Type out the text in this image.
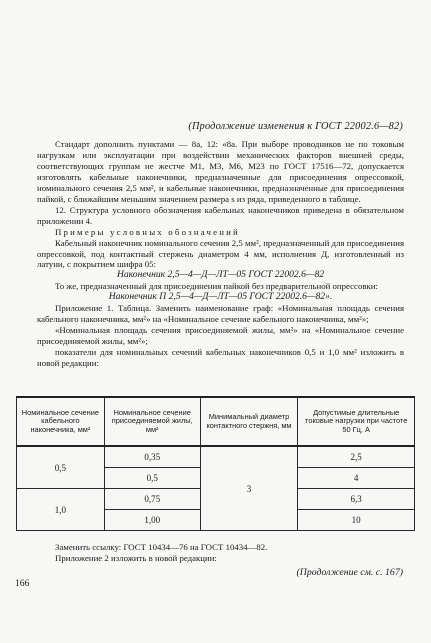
(Продолжение изменения к ГОСТ 22002.6—82)

Стандарт дополнить пунктами — 8а, 12: «8а. При выборе проводников не по токовым нагрузкам или эксплуатации при воздействии механических факторов внешней среды, соответствующих группам не жестче М1, М3, М6, М23 по ГОСТ 17516—72, допускается изготовлять кабельные наконечники, предназначенные для присоединения опрессовкой, номинального сечения 2,5 мм², и кабельные наконечники, предназначенные для присоединения пайкой, с ближайшим меньшим значением размера s из ряда, приведенного в таблице.

12. Структура условного обозначения кабельных наконечников приведена в обязательном приложении 4.

Примеры условных обозначений

Кабельный наконечник номинального сечения 2,5 мм², предназначенный для присоединения опрессовкой, под контактный стержень диаметром 4 мм, исполнения Д, изготовленный из латуни, с покрытием шифра 05:

Наконечник 2,5—4—Д—ЛТ—05 ГОСТ 22002.6—82

То же, предназначенный для присоединения пайкой без предварительной опрессовки:

Наконечник П 2,5—4—Д—ЛТ—05 ГОСТ 22002.6—82».

Приложение 1. Таблица. Заменить наименование граф: «Номинальная площадь сечения кабельного наконечника, мм²» на «Номинальное сечение кабельного наконечника, мм²»;

«Номинальная площадь сечения присоединяемой жилы, мм²» на «Номинальное сечение присоединяемой жилы, мм²»;

показатели для номинальных сечений кабельных наконечников 0,5 и 1,0 мм² изложить в новой редакции:

Номинальное сечение кабельного наконечника, мм²	Номинальное сечение присоединяемой жилы, мм²	Минимальный диаметр контактного стержня, мм	Допустимые длительные токовые нагрузки при частоте 50 Гц, А
0,5	0,35	3	2,5
	0,5		4
1,0	0,75		6,3
	1,00		10

Заменить ссылку: ГОСТ 10434—76 на ГОСТ 10434—82.

Приложение 2 изложить в новой редакции:

(Продолжение см. с. 167)
166
